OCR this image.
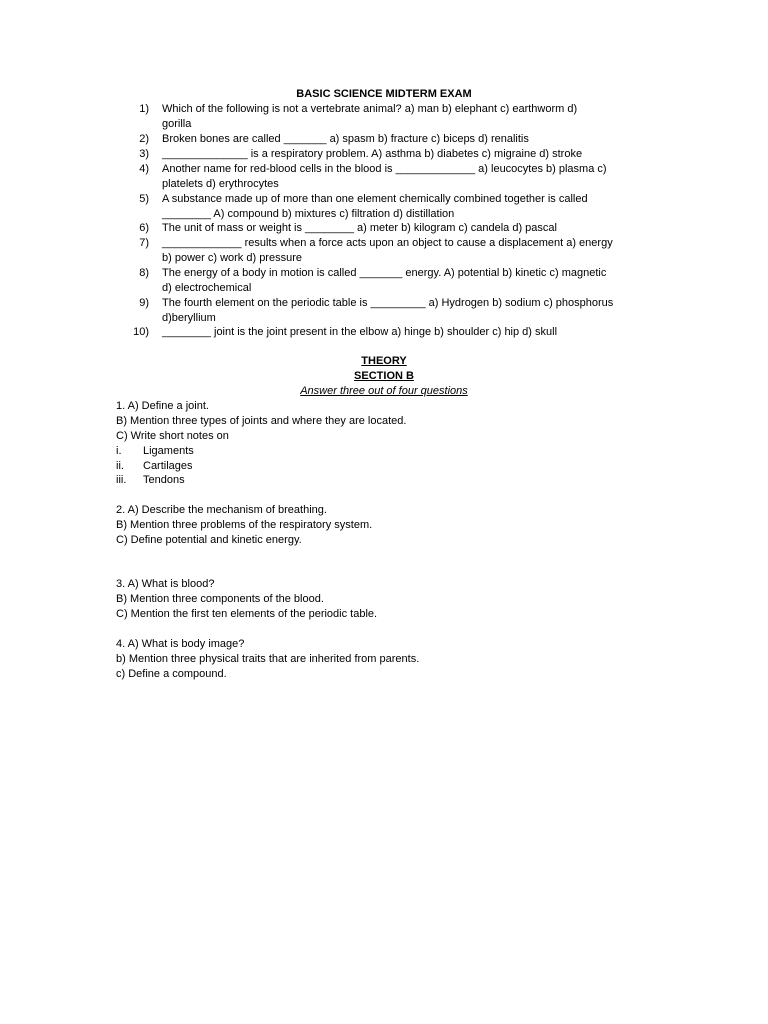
BASIC SCIENCE MIDTERM EXAM
1) Which of the following is not a vertebrate animal? a) man b) elephant c) earthworm d)
gorilla
2) Broken bones are called _______ a) spasm b) fracture c) biceps d) renalitis
3) ______________ is a respiratory problem. A) asthma b) diabetes c) migraine d) stroke
4) Another name for red-blood cells in the blood is _____________ a) leucocytes b) plasma c)
platelets d) erythrocytes
5) A substance made up of more than one element chemically combined together is called
________ A) compound b) mixtures c) filtration d) distillation
6) The unit of mass or weight is ________ a) meter b) kilogram c) candela d) pascal
7) _____________ results when a force acts upon an object to cause a displacement a) energy
b) power c) work d) pressure
8) The energy of a body in motion is called _______ energy. A) potential b) kinetic c) magnetic
d) electrochemical
9) The fourth element on the periodic table is _________ a) Hydrogen b) sodium c) phosphorus
d)beryllium
10) ________ joint is the joint present in the elbow a) hinge b) shoulder c) hip d) skull
THEORY
SECTION B
Answer three out of four questions
1. A) Define a joint.
B) Mention three types of joints and where they are located.
C) Write short notes on
i. Ligaments
ii. Cartilages
iii. Tendons
2. A) Describe the mechanism of breathing.
B) Mention three problems of the respiratory system.
C) Define potential and kinetic energy.
3. A) What is blood?
B) Mention three components of the blood.
C) Mention the first ten elements of the periodic table.
4. A) What is body image?
b) Mention three physical traits that are inherited from parents.
c) Define a compound.
